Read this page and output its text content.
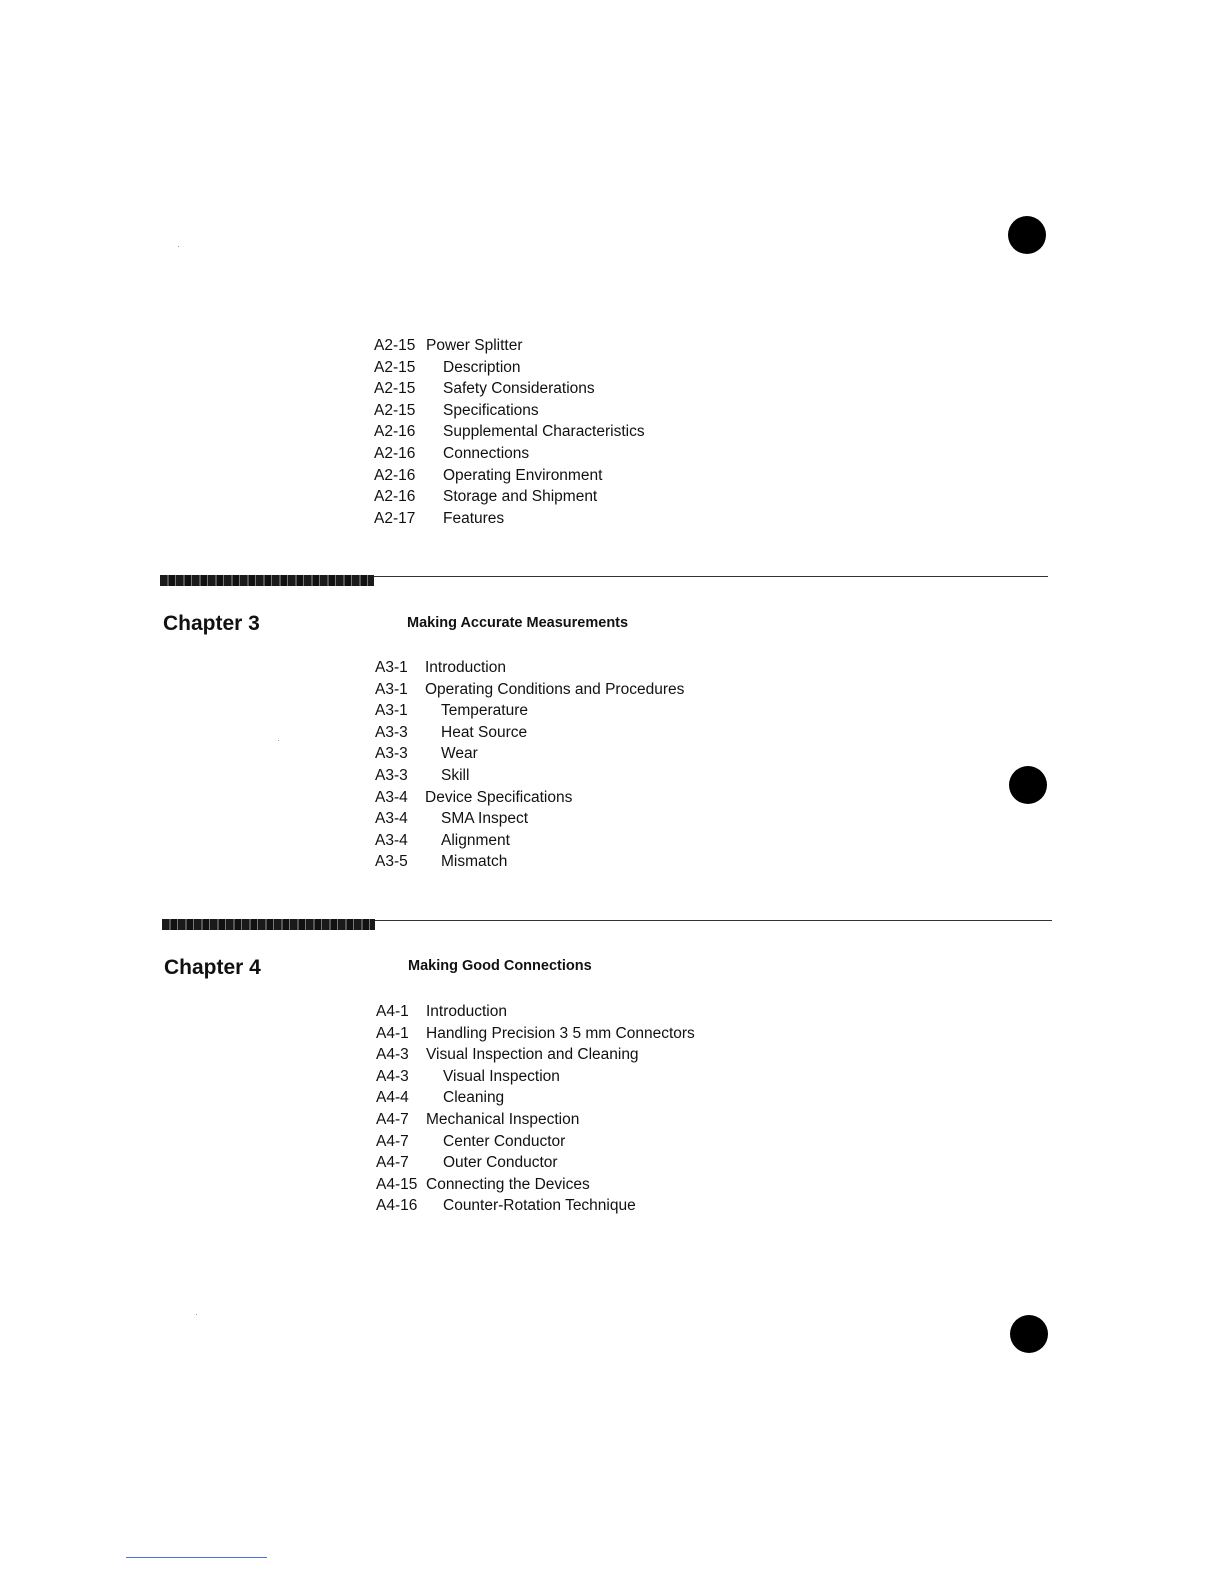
A2-15 Power Splitter
A2-15 Description
A2-15 Safety Considerations
A2-15 Specifications
A2-16 Supplemental Characteristics
A2-16 Connections
A2-16 Operating Environment
A2-16 Storage and Shipment
A2-17 Features
Chapter 3	Making Accurate Measurements
A3-1 Introduction
A3-1 Operating Conditions and Procedures
A3-1 Temperature
A3-3 Heat Source
A3-3 Wear
A3-3 Skill
A3-4 Device Specifications
A3-4 SMA Inspect
A3-4 Alignment
A3-5 Mismatch
Chapter 4	Making Good Connections
A4-1 Introduction
A4-1 Handling Precision 3 5 mm Connectors
A4-3 Visual Inspection and Cleaning
A4-3 Visual Inspection
A4-4 Cleaning
A4-7 Mechanical Inspection
A4-7 Center Conductor
A4-7 Outer Conductor
A4-15 Connecting the Devices
A4-16 Counter-Rotation Technique
